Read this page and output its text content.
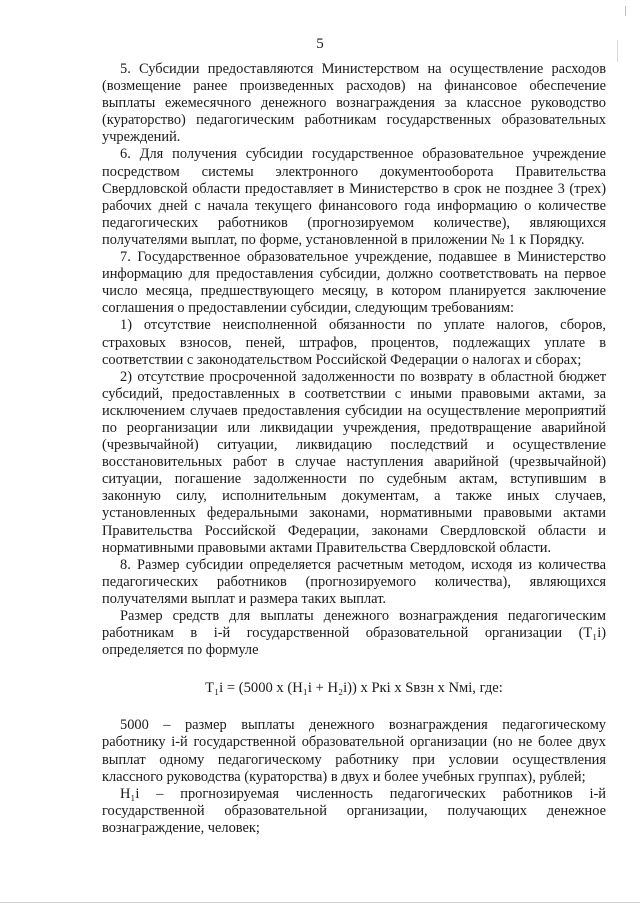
5

5. Субсидии предоставляются Министерством на осуществление расходов (возмещение ранее произведенных расходов) на финансовое обеспечение выплаты ежемесячного денежного вознаграждения за классное руководство (кураторство) педагогическим работникам государственных образовательных учреждений.

6. Для получения субсидии государственное образовательное учреждение посредством системы электронного документооборота Правительства Свердловской области предоставляет в Министерство в срок не позднее 3 (трех) рабочих дней с начала текущего финансового года информацию о количестве педагогических работников (прогнозируемом количестве), являющихся получателями выплат, по форме, установленной в приложении № 1 к Порядку.

7. Государственное образовательное учреждение, подавшее в Министерство информацию для предоставления субсидии, должно соответствовать на первое число месяца, предшествующего месяцу, в котором планируется заключение соглашения о предоставлении субсидии, следующим требованиям:

1) отсутствие неисполненной обязанности по уплате налогов, сборов, страховых взносов, пеней, штрафов, процентов, подлежащих уплате в соответствии с законодательством Российской Федерации о налогах и сборах;

2) отсутствие просроченной задолженности по возврату в областной бюджет субсидий, предоставленных в соответствии с иными правовыми актами, за исключением случаев предоставления субсидии на осуществление мероприятий по реорганизации или ликвидации учреждения, предотвращение аварийной (чрезвычайной) ситуации, ликвидацию последствий и осуществление восстановительных работ в случае наступления аварийной (чрезвычайной) ситуации, погашение задолженности по судебным актам, вступившим в законную силу, исполнительным документам, а также иных случаев, установленных федеральными законами, нормативными правовыми актами Правительства Российской Федерации, законами Свердловской области и нормативными правовыми актами Правительства Свердловской области.

8. Размер субсидии определяется расчетным методом, исходя из количества педагогических работников (прогнозируемого количества), являющихся получателями выплат и размера таких выплат.

Размер средств для выплаты денежного вознаграждения педагогическим работникам в i-й государственной образовательной организации (Т₁i) определяется по формуле

Т₁i = (5000 x (Н₁i + Н₂i)) x Ркi x Sвзн x Nмi, где:

5000 – размер выплаты денежного вознаграждения педагогическому работнику i-й государственной образовательной организации (но не более двух выплат одному педагогическому работнику при условии осуществления классного руководства (кураторства) в двух и более учебных группах), рублей;

Н₁i – прогнозируемая численность педагогических работников i-й государственной образовательной организации, получающих денежное вознаграждение, человек;
